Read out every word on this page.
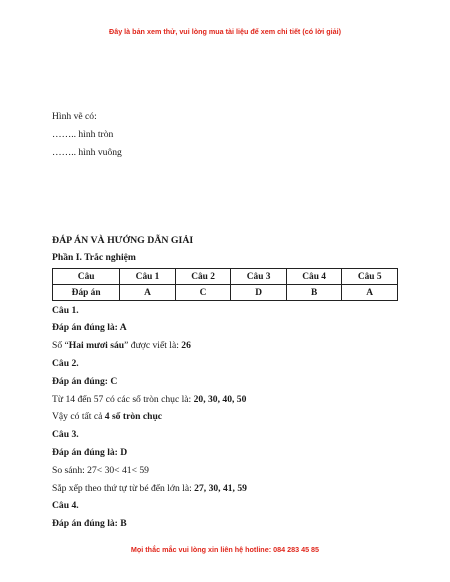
Đây là bản xem thử, vui lòng mua tài liệu để xem chi tiết (có lời giải)
Hình vẽ có:
…….. hình tròn
…….. hình vuông
ĐÁP ÁN VÀ HƯỚNG DẪN GIẢI
Phần I. Trắc nghiệm
Câu 1.
Đáp án đúng là: A
Số “Hai mươi sáu” được viết là: 26
Câu 2.
Đáp án đúng: C
Từ 14 đến 57 có các số tròn chục là: 20, 30, 40, 50
Vậy có tất cả 4 số tròn chục
Câu 3.
Đáp án đúng là: D
So sánh: 27< 30< 41< 59
Sắp xếp theo thứ tự từ bé đến lớn là: 27, 30, 41, 59
Câu 4.
Đáp án đúng là: B
Câu	Câu 1	Câu 2	Câu 3	Câu 4	Câu 5
Đáp án	A	C	D	B	A
Mọi thắc mắc vui lòng xin liên hệ hotline: 084 283 45 85
